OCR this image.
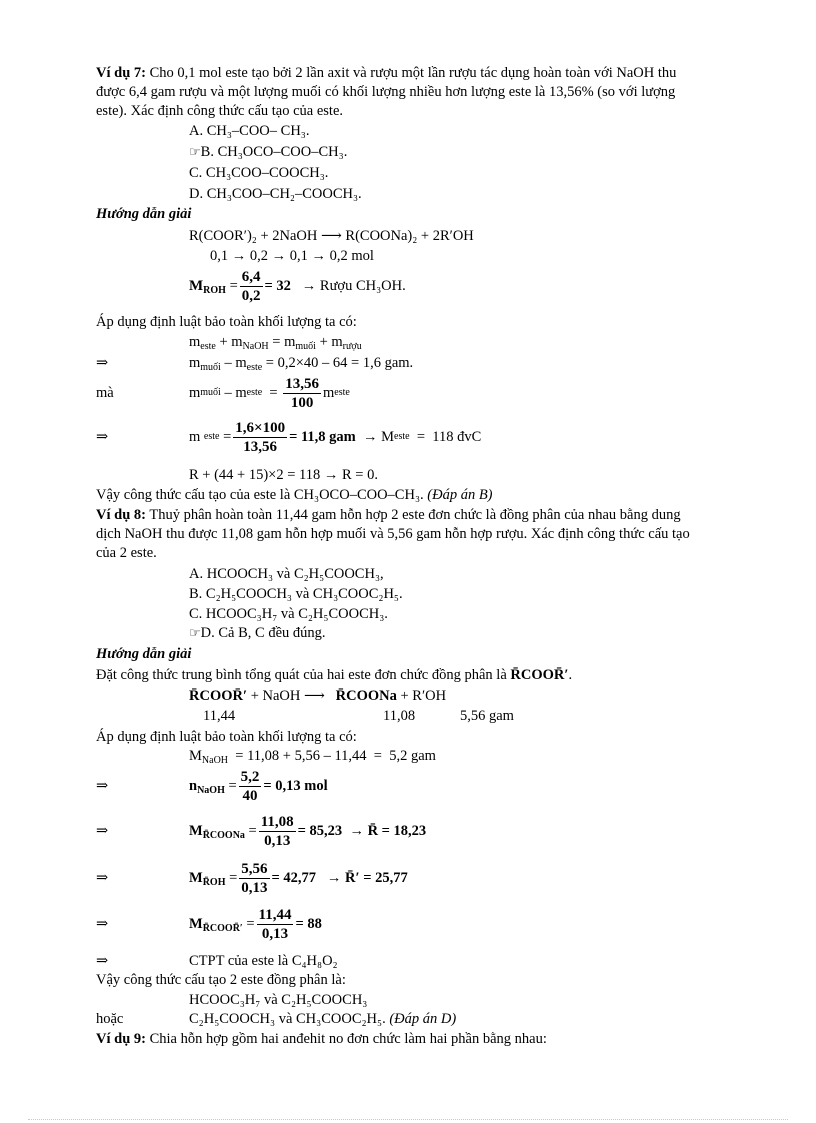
Ví dụ 7: Cho 0,1 mol este tạo bởi 2 lần axit và rượu một lần rượu tác dụng hoàn toàn với NaOH thu
được 6,4 gam rượu và một lượng muối có khối lượng nhiều hơn lượng este là 13,56% (so với lượng
este). Xác định công thức cấu tạo của este.
A. CH₃–COO– CH₃.
☞B. CH₃OCO–COO–CH₃.
C. CH₃COO–COOCH₃.
D. CH₃COO–CH₂–COOCH₃.
Hướng dẫn giải
R(COOR′)₂ + 2NaOH ⟶ R(COONa)₂ + 2R′OH
0,1 → 0,2 → 0,1 → 0,2 mol
$M_{ROH} = \frac{6,4}{0,2} = 32$
→ Rượu CH₃OH.
Áp dụng định luật bảo toàn khối lượng ta có:
$m_{este} + m_{NaOH} = m_{muối} + m_{rượu}$
⇒	$m_{muối} - m_{este} = 0,2\times 40 - 64 = 1,6$ gam.
mà	m muối – m este = $\frac{13,56}{100}$ m este
⇒	m este = $\frac{1,6\times 100}{13,56} = 11,8$ gam → M este =  118 đvC
R + (44 + 15)×2 = 118 → R = 0.
Vậy công thức cấu tạo của este là CH₃OCO–COO–CH₃. (Đáp án B)
Ví dụ 8: Thuỷ phân hoàn toàn 11,44 gam hỗn hợp 2 este đơn chức là đồng phân của nhau bằng dung
dịch NaOH thu được 11,08 gam hỗn hợp muối và 5,56 gam hỗn hợp rượu. Xác định công thức cấu tạo
của 2 este.
A. HCOOCH₃ và C₂H₅COOCH₃,
B. C₂H₅COOCH₃ và CH₃COOC₂H₅.
C. HCOOC₃H₇ và C₂H₅COOCH₃.
☞D. Cả B, C đều đúng.
Hướng dẫn giải
Đặt công thức trung bình tổng quát của hai este đơn chức đồng phân là R̄COOR̄′.
R̄COOR̄′ + NaOH ⟶ R̄COONa + R′OH
11,44	11,08	5,56 gam
Áp dụng định luật bảo toàn khối lượng ta có:
$M_{NaOH} = 11,08 + 5,56 - 11,44 = 5,2$ gam
⇒	$n_{NaOH} = \frac{5,2}{40} = 0,13$ mol
⇒	$M_{R̄COONa} = \frac{11,08}{0,13} = 85,23$
→ R̄ = 18,23
⇒	$M_{R̄OH} = \frac{5,56}{0,13} = 42,77$
→ R̄′ = 25,77
⇒	$M_{R̄COOR̄'} = \frac{11,44}{0,13} = 88$
⇒	CTPT của este là C₄H₈O₂
Vậy công thức cấu tạo 2 este đồng phân là:
HCOOC₃H₇ và C₂H₅COOCH₃
hoặc	C₂H₅COOCH₃ và CH₃COOC₂H₅. (Đáp án D)
Ví dụ 9: Chia hỗn hợp gồm hai anđehit no đơn chức làm hai phần bằng nhau:
